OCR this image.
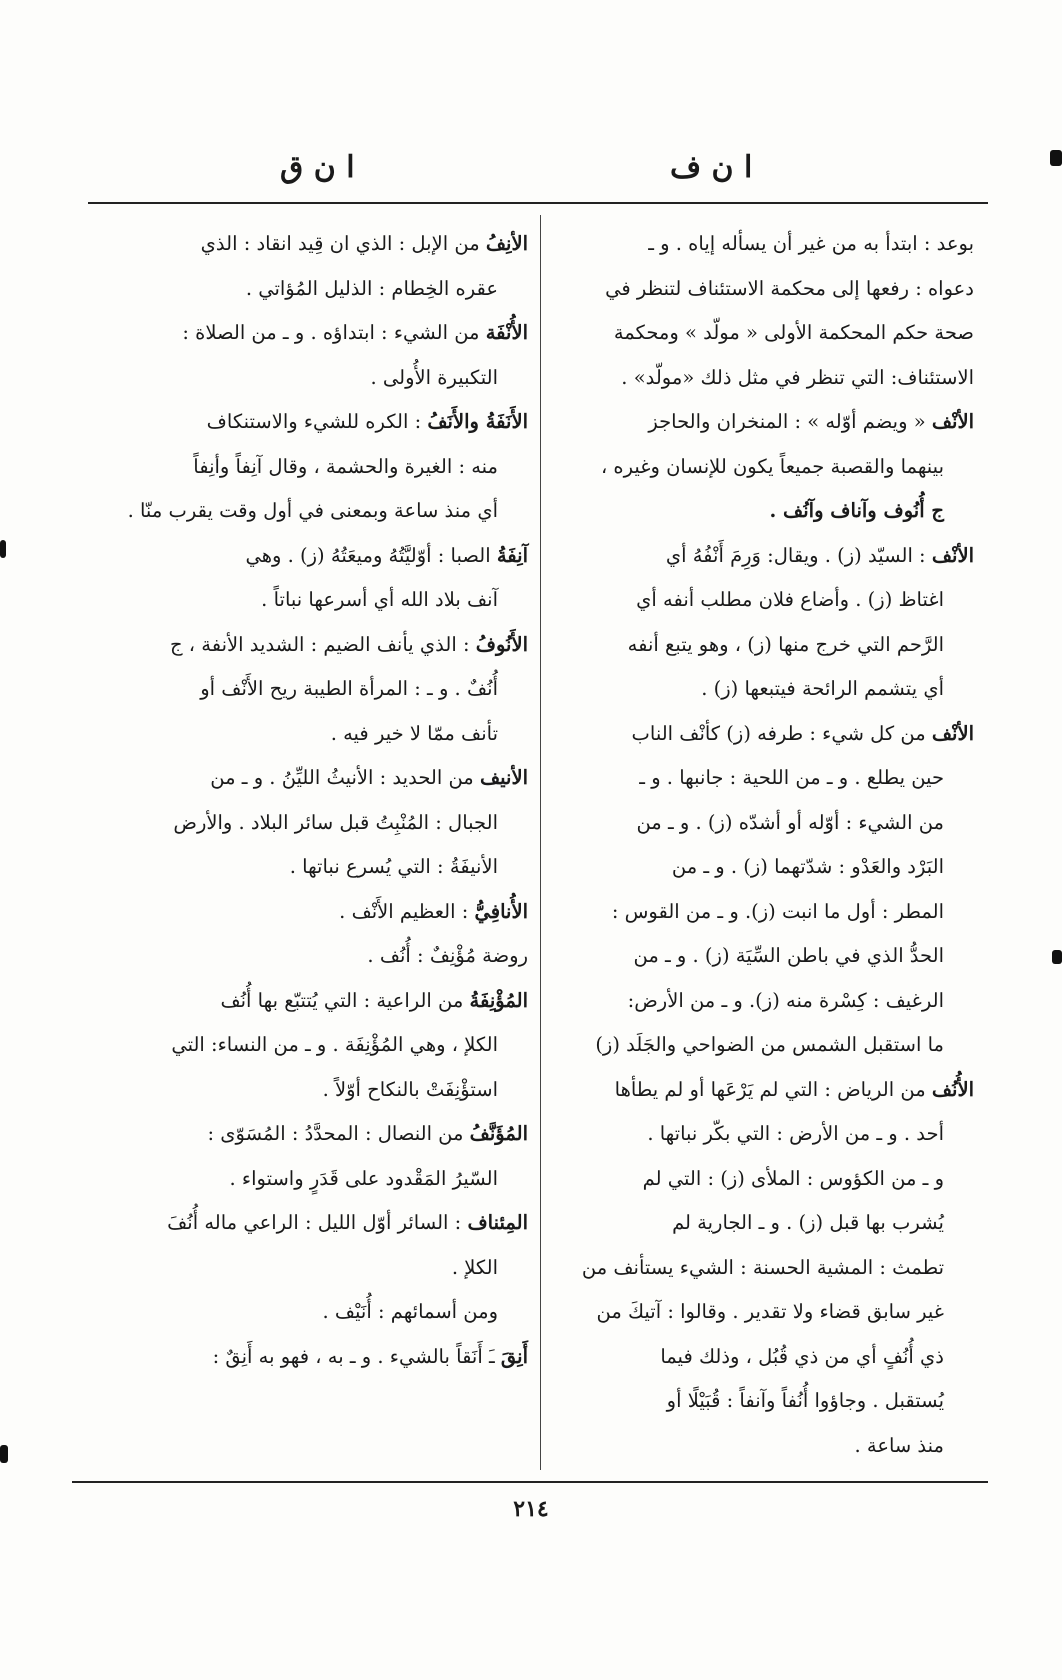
ا ن ف
ا ن ق
بوعد : ابتدأ به من غير أن يسأله إياه . و ـ
دعواه : رفعها إلى محكمة الاستئناف لتنظر في
صحة حكم المحكمة الأولى « مولّد » ومحكمة
الاستئناف: التي تنظر في مثل ذلك «مولّد» .
الأنْف « ويضم أوّله » : المنخران والحاجز
بينهما والقصبة جميعاً يكون للإنسان وغيره ،
ج أُنُوف وآناف وآنُف .
الأنْف : السيّد (ز) . ويقال: وَرِمَ أَنْفُهُ أي
اغتاظ (ز) . وأضاع فلان مطلب أنفه أي
الرَّحم التي خرج منها (ز) ، وهو يتبع أنفه
أي يتشمم الرائحة فيتبعها (ز) .
الأنْف من كل شيء : طرفه (ز) كأنْف الناب
حين يطلع . و ـ من اللحية : جانبها . و ـ
من الشيء : أوّله أو أشدّه (ز) . و ـ من
البَرْد والعَدْو : شدّتهما (ز) . و ـ من
المطر : أول ما انبت (ز). و ـ من القوس :
الحدُّ الذي في باطن السِّيَة (ز) . و ـ من
الرغيف : كِسْرة منه (ز). و ـ من الأرض:
ما استقبل الشمس من الضواحي والجَلَد (ز)
الأُنُف من الرياض : التي لم يَرْعَها أو لم يطأها
أحد . و ـ من الأرض : التي بكّر نباتها .
و ـ من الكؤوس : الملأى (ز) : التي لم
يُشرب بها قبل (ز) . و ـ الجارية لم
تطمث : المشية الحسنة : الشيء يستأنف من
غير سابق قضاء ولا تقدير . وقالوا : آتيكَ من
ذي أُنُفٍ أي من ذي قُبُل ، وذلك فيما
يُستقبل . وجاؤوا أُنُفاً وآنفاً : قُبَيْلًا أو
منذ ساعة .
الأنِفُ من الإبل : الذي ان قِيد انقاد : الذي
عقره الخِطام : الذليل المُؤاتي .
الأُنْفَة من الشيء : ابتداؤه . و ـ من الصلاة :
التكبيرة الأُولى .
الأَنَفَةُ والأَنَفُ : الكره للشيء والاستنكاف
منه : الغيرة والحشمة ، وقال آنِفاً وأنِفاً
أي منذ ساعة وبمعنى في أول وقت يقرب منّا .
آنِفَةُ الصبا : أوّليَّتُهُ وميعَتُهُ (ز) . وهي
آنف بلاد الله أي أسرعها نباتاً .
الأَنُوفُ : الذي يأنف الضيم : الشديد الأنفة ، ج
أُنُفٌ . و ـ : المرأة الطيبة ريح الأَنْف أو
تأنف ممّا لا خير فيه .
الأنيف من الحديد : الأنيثُ الليِّنُ . و ـ من
الجبال : المُنْبِتُ قبل سائر البلاد . والأرض
الأنيفَةُ : التي يُسرع نباتها .
الأُنافِيُّ : العظيم الأَنْف .
روضة مُؤْنِفٌ : أُنُف .
المُؤْنِفَةُ من الراعية : التي يُتتبّع بها أُنُف
الكلإ ، وهي المُؤْنِفَة . و ـ من النساء: التي
استؤْنِفَتْ بالنكاح أوّلاً .
المُؤَنَّفُ من النصال : المحدَّدُ : المُسَوّى :
السّيرُ المَقْدود على قَدَرٍ واستواء .
المِئناف : السائر أوّل الليل : الراعي ماله أُنُفَ
الكلإ .
ومن أسمائهم : أُنَيْف .
أَنِقَ ـَ أَنَقاً بالشيء . و ـ به ، فهو به أَنِقٌ :
٢١٤
